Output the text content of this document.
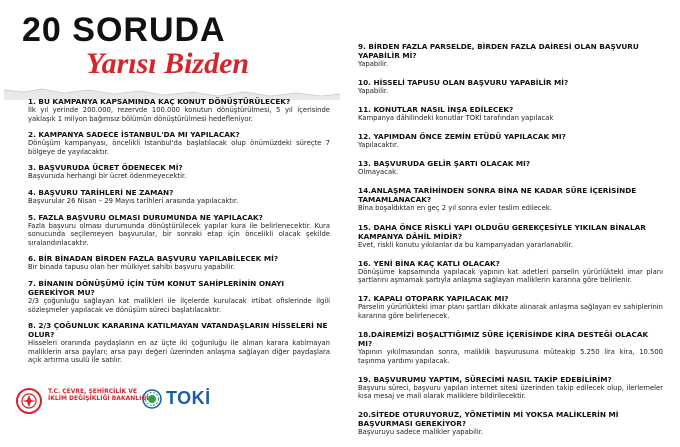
20 SORUDA
Yarısı Bizden
1. BU KAMPANYA KAPSAMINDA KAÇ KONUT DÖNÜŞTÜRÜLECEK?
İlk yıl yerinde 200.000, rezervde 100.000 konutun dönüştürülmesi, 5 yıl içerisinde yaklaşık 1 milyon bağımsız bölümün dönüştürülmesi hedefleniyor.
2. KAMPANYA SADECE İSTANBUL'DA MI YAPILACAK?
Dönüşüm kampanyası, öncelikli İstanbul'da başlatılacak olup önümüzdeki süreçte 7 bölgeye de yayılacaktır.
3. BAŞVURUDA ÜCRET ÖDENECEK Mİ?
Başvuruda herhangi bir ücret ödenmeyecektir.
4. BAŞVURU TARİHLERİ NE ZAMAN?
Başvurular 26 Nisan – 29 Mayıs tarihleri arasında yapılacaktır.
5. FAZLA BAŞVURU OLMASI DURUMUNDA NE YAPILACAK?
Fazla başvuru olması durumunda dönüştürülecek yapılar kura ile belirlenecektir. Kura sonucunda seçilemeyen başvurular, bir sonraki etap için öncelikli olacak şekilde sıralandırılacaktır.
6. BİR BİNADAN BİRDEN FAZLA BAŞVURU YAPILABİLECEK Mİ?
Bir binada tapusu olan her mülkiyet sahibi başvuru yapabilir.
7. BİNANIN DÖNÜŞÜMÜ İÇİN TÜM KONUT SAHİPLERİNİN ONAYI GEREKİYOR MU?
2/3 çoğunluğu sağlayan kat malikleri ile ilçelerde kurulacak irtibat ofislerinde ilgili sözleşmeler yapılacak ve dönüşüm süreci başlatılacaktır.
8. 2/3 ÇOĞUNLUK KARARINA KATILMAYAN VATANDAŞLARIN HİSSELERİ NE OLUR?
Hisseleri oranında paydaşların en az üçte iki çoğunluğu ile alınan karara katılmayan maliklerin arsa payları; arsa payı değeri üzerinden anlaşma sağlayan diğer paydaşlara açık artırma usulü ile satılır.
9. BİRDEN FAZLA PARSELDE, BİRDEN FAZLA DAİRESİ OLAN BAŞVURU YAPABİLİR Mİ?
Yapabilir.
10. HİSSELİ TAPUSU OLAN BAŞVURU YAPABİLİR Mİ?
Yapabilir.
11. KONUTLAR NASIL İNŞA EDİLECEK?
Kampanya dâhilindeki konutlar TOKİ tarafından yapılacak
12. YAPIMDAN ÖNCE ZEMİN ETÜDÜ YAPILACAK MI?
Yapılacaktır.
13. BAŞVURUDA GELİR ŞARTI OLACAK MI?
Olmayacak.
14.ANLAŞMA TARİHİNDEN SONRA BİNA NE KADAR SÜRE İÇERİSİNDE TAMAMLANACAK?
Bina boşaldıktan en geç 2 yıl sonra evler teslim edilecek.
15. DAHA ÖNCE RİSKLİ YAPI OLDUĞU GEREKÇESİYLE YIKILAN BİNALAR KAMPANYA DÂHİL MİDİR?
Evet, riskli konutu yıkılanlar da bu kampanyadan yararlanabilir.
16. YENİ BİNA KAÇ KATLI OLACAK?
Dönüşüme kapsamında yapılacak yapının kat adetleri parselin yürürlükteki imar planı şartlarını aşmamak şartıyla anlaşma sağlayan maliklerin kararına göre belirlenir.
17. KAPALI OTOPARK YAPILACAK MI?
Parselin yürürlükteki imar planı şartları dikkate alınarak anlaşma sağlayan ev sahiplerinin kararına göre belirlenecek.
18.DAİREMİZİ BOŞALTTIĞIMIZ SÜRE İÇERİSİNDE KİRA DESTEĞİ OLACAK MI?
Yapının yıkılmasından sonra, maliklik başvurusuna müteakip 5.250 lira kira, 10.500 taşınma yardımı yapılacak.
19. BAŞVURUMU YAPTIM, SÜRECİMİ NASIL TAKİP EDEBİLİRİM?
Başvuru süreci, başvuru yapılan internet sitesi üzerinden takip edilecek olup, ilerlemeler kısa mesaj ve mail olarak maliklere bildirilecektir.
20.SİTEDE OTURUYORUZ, YÖNETİMİN Mİ YOKSA MALİKLERİN Mİ BAŞVURMASI GEREKİYOR?
Başvuruyu sadece malikler yapabilir.
T.C. ÇEVRE, ŞEHİRCİLİK VE
İKLİM DEĞİŞİKLİĞİ BAKANLIĞI TOKİ
